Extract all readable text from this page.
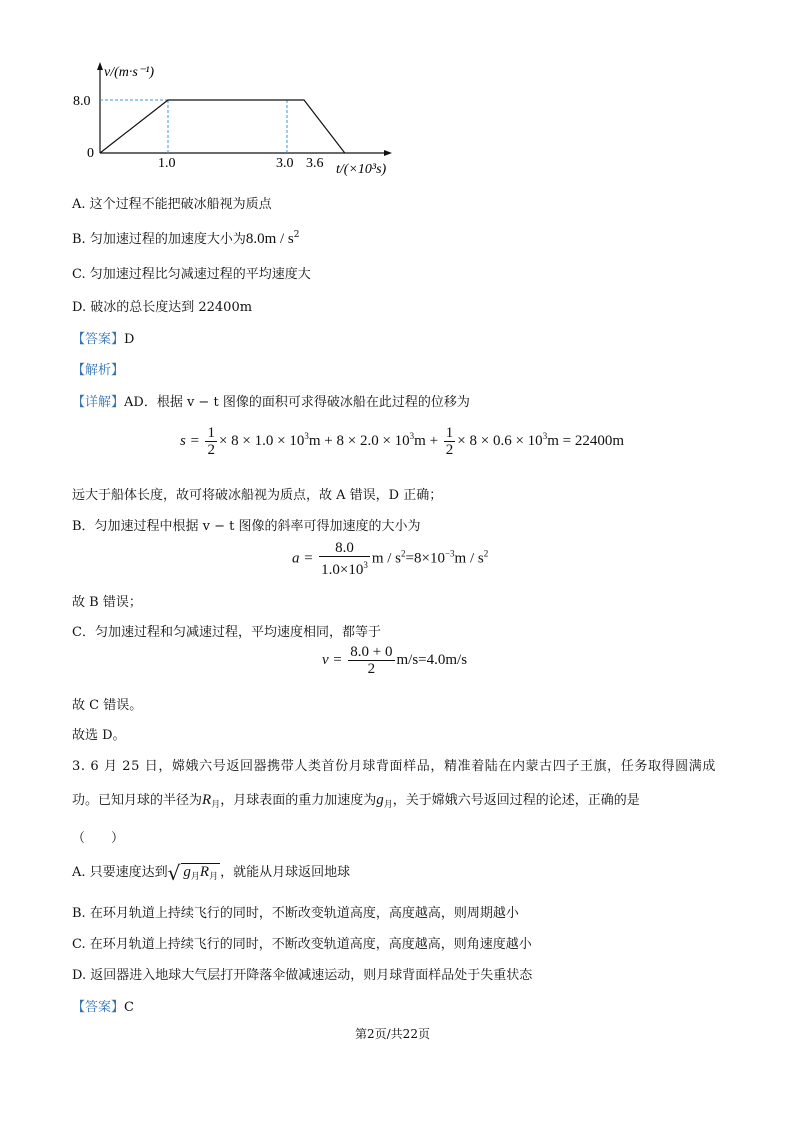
v/(m·s⁻¹)
8.0
0
1.0	3.0 3.6 t/(×10³s)
A. 这个过程不能把破冰船视为质点
B. 匀加速过程的加速度大小为$8.0m / s^2$
C. 匀加速过程比匀减速过程的平均速度大
D. 破冰的总长度达到 22400m
【答案】D
【解析】
【详解】AD．根据 v − t 图像的面积可求得破冰船在此过程的位移为
$s = \frac{1}{2} \times 8 \times 1.0 \times 10^3m + 8 \times 2.0 \times 10^3m + \frac{1}{2} \times 8 \times 0.6 \times 10^3m = 22400m$
远大于船体长度，故可将破冰船视为质点，故 A 错误，D 正确；
B．匀加速过程中根据 v − t 图像的斜率可得加速度的大小为
$a = \frac{8.0}{1.0\times 10^3}$ $m / s^2=8\times 10^{-3}m / s^2$
故 B 错误；
C．匀加速过程和匀减速过程，平均速度相同，都等于
$v = \frac{8.0 + 0}{2} m/s=4.0m/s$
故 C 错误。
故选 D。
3. 6 月 25 日，嫦娥六号返回器携带人类首份月球背面样品，精准着陆在内蒙古四子王旗，任务取得圆满成
功。已知月球的半径为$R_月$，月球表面的重力加速度为$g_月$，关于嫦娥六号返回过程的论述，正确的是
（　　）
A. 只要速度达到√ $g_月R_月$ ，就能从月球返回地球
B. 在环月轨道上持续飞行的同时，不断改变轨道高度，高度越高，则周期越小
C. 在环月轨道上持续飞行的同时，不断改变轨道高度，高度越高，则角速度越小
D. 返回器进入地球大气层打开降落伞做减速运动，则月球背面样品处于失重状态
【答案】C
第2页/共22页
